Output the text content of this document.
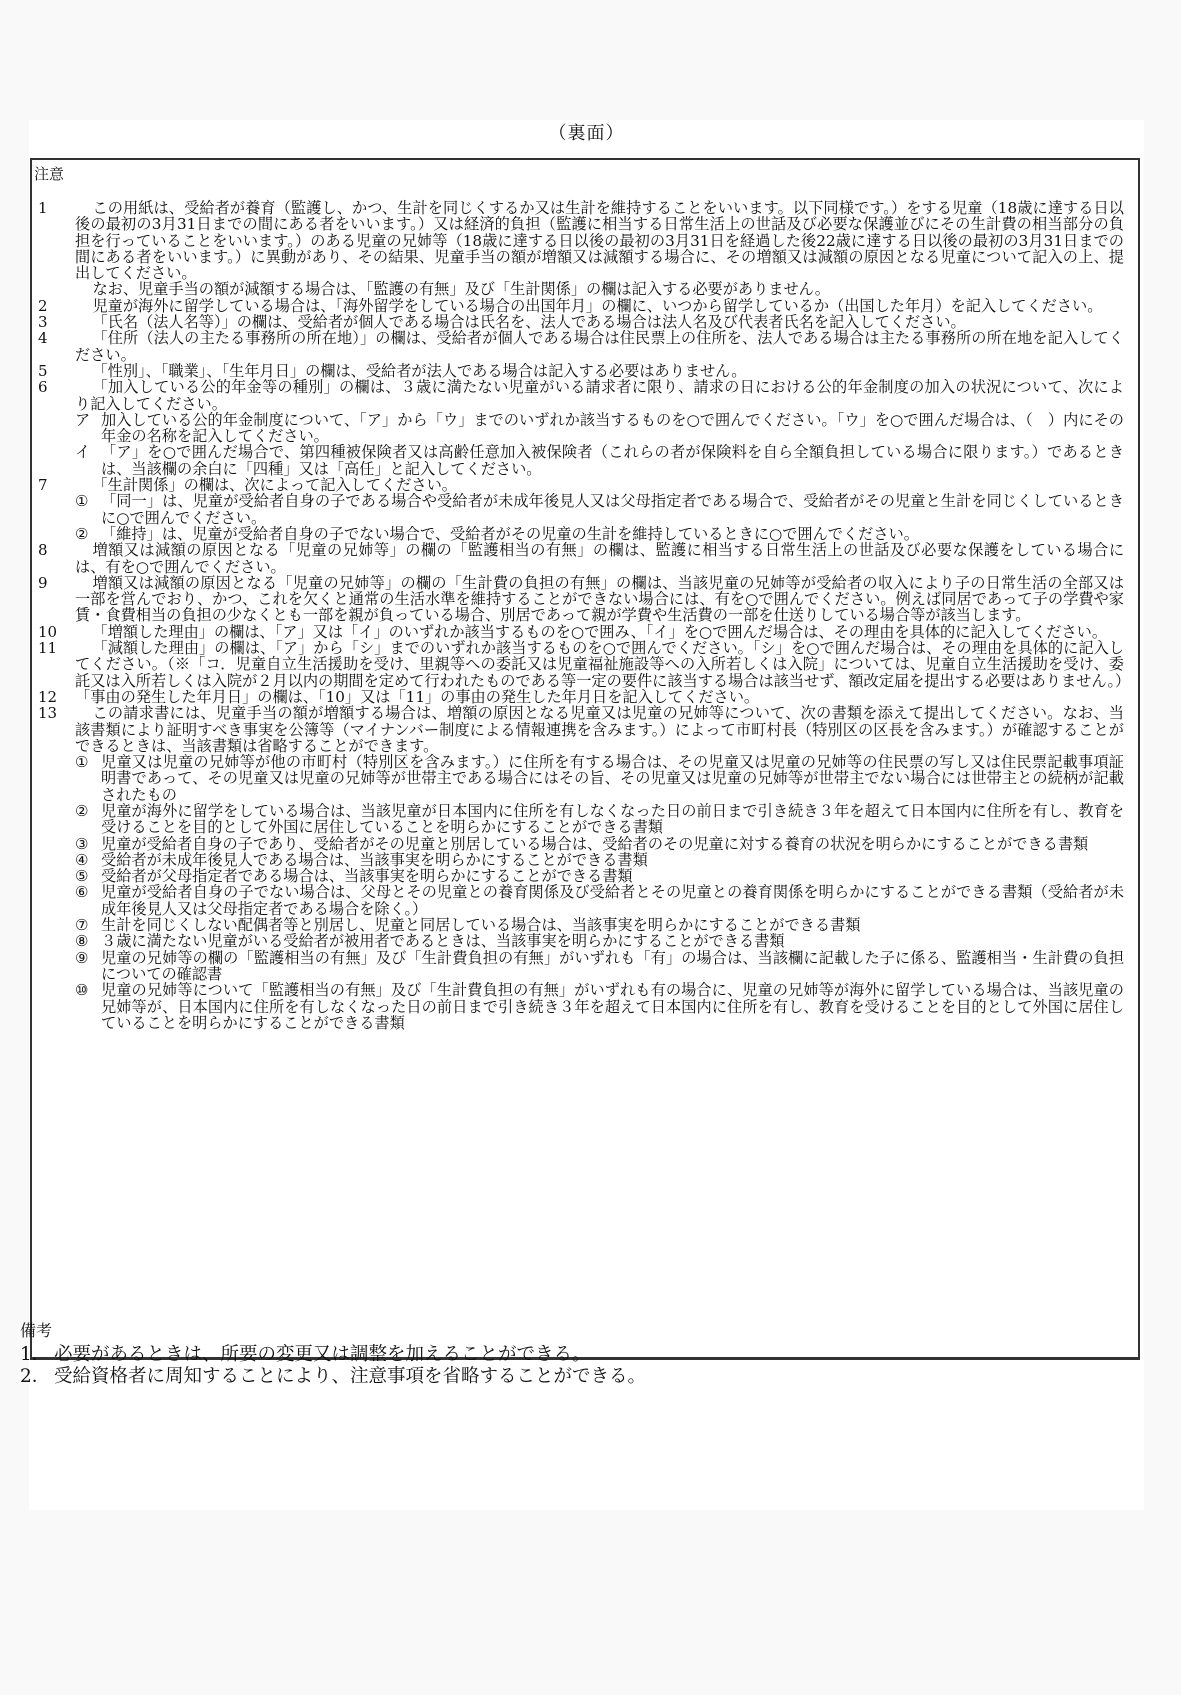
（裏面）
注意
1	この用紙は、受給者が養育（監護し、かつ、生計を同じくするか又は生計を維持することをいいます。以下同様です。）をする児童（18歳に達する日以後の最初の3月31日までの間にある者をいいます。）又は経済的負担（監護に相当する日常生活上の世話及び必要な保護並びにその生計費の相当部分の負担を行っていることをいいます。）のある児童の兄姉等（18歳に達する日以後の最初の3月31日を経過した後22歳に達する日以後の最初の3月31日までの間にある者をいいます。）に異動があり、その結果、児童手当の額が増額又は減額する場合に、その増額又は減額の原因となる児童について記入の上、提出してください。
なお、児童手当の額が減額する場合は、「監護の有無」及び「生計関係」の欄は記入する必要がありません。
2	児童が海外に留学している場合は、「海外留学をしている場合の出国年月」の欄に、いつから留学しているか（出国した年月）を記入してください。
3	「氏名（法人名等）」の欄は、受給者が個人である場合は氏名を、法人である場合は法人名及び代表者氏名を記入してください。
4	「住所（法人の主たる事務所の所在地）」の欄は、受給者が個人である場合は住民票上の住所を、法人である場合は主たる事務所の所在地を記入してください。
5	「性別」、「職業」、「生年月日」の欄は、受給者が法人である場合は記入する必要はありません。
6	「加入している公的年金等の種別」の欄は、３歳に満たない児童がいる請求者に限り、請求の日における公的年金制度の加入の状況について、次により記入してください。
ア 加入している公的年金制度について、「ア」から「ウ」までのいずれか該当するものを○で囲んでください。「ウ」を○で囲んだ場合は、（　）内にその年金の名称を記入してください。
イ 「ア」を○で囲んだ場合で、第四種被保険者又は高齢任意加入被保険者（これらの者が保険料を自ら全額負担している場合に限ります。）であるときは、当該欄の余白に「四種」又は「高任」と記入してください。
7	「生計関係」の欄は、次によって記入してください。
① 「同一」は、児童が受給者自身の子である場合や受給者が未成年後見人又は父母指定者である場合で、受給者がその児童と生計を同じくしているときに○で囲んでください。
② 「維持」は、児童が受給者自身の子でない場合で、受給者がその児童の生計を維持しているときに○で囲んでください。
8	増額又は減額の原因となる「児童の兄姉等」の欄の「監護相当の有無」の欄は、監護に相当する日常生活上の世話及び必要な保護をしている場合には、有を○で囲んでください。
9	増額又は減額の原因となる「児童の兄姉等」の欄の「生計費の負担の有無」の欄は、当該児童の兄姉等が受給者の収入により子の日常生活の全部又は一部を営んでおり、かつ、これを欠くと通常の生活水準を維持することができない場合には、有を○で囲んでください。例えば同居であって子の学費や家賃・食費相当の負担の少なくとも一部を親が負っている場合、別居であって親が学費や生活費の一部を仕送りしている場合等が該当します。
10	「増額した理由」の欄は、「ア」又は「イ」のいずれか該当するものを○で囲み、「イ」を○で囲んだ場合は、その理由を具体的に記入してください。
11	「減額した理由」の欄は、「ア」から「シ」までのいずれか該当するものを○で囲んでください。「シ」を○で囲んだ場合は、その理由を具体的に記入してください。（※「コ．児童自立生活援助を受け、里親等への委託又は児童福祉施設等への入所若しくは入院」については、児童自立生活援助を受け、委託又は入所若しくは入院が２月以内の期間を定めて行われたものである等一定の要件に該当する場合は該当せず、額改定届を提出する必要はありません。）
12 「事由の発生した年月日」の欄は、「10」又は「11」の事由の発生した年月日を記入してください。
13	この請求書には、児童手当の額が増額する場合は、増額の原因となる児童又は児童の兄姉等について、次の書類を添えて提出してください。なお、当該書類により証明すべき事実を公簿等（マイナンバー制度による情報連携を含みます。）によって市町村長（特別区の区長を含みます。）が確認することができるときは、当該書類は省略することができます。
① 児童又は児童の兄姉等が他の市町村（特別区を含みます。）に住所を有する場合は、その児童又は児童の兄姉等の住民票の写し又は住民票記載事項証明書であって、その児童又は児童の兄姉等が世帯主である場合にはその旨、その児童又は児童の兄姉等が世帯主でない場合には世帯主との続柄が記載されたもの
② 児童が海外に留学をしている場合は、当該児童が日本国内に住所を有しなくなった日の前日まで引き続き３年を超えて日本国内に住所を有し、教育を受けることを目的として外国に居住していることを明らかにすることができる書類
③ 児童が受給者自身の子であり、受給者がその児童と別居している場合は、受給者のその児童に対する養育の状況を明らかにすることができる書類
④ 受給者が未成年後見人である場合は、当該事実を明らかにすることができる書類
⑤ 受給者が父母指定者である場合は、当該事実を明らかにすることができる書類
⑥ 児童が受給者自身の子でない場合は、父母とその児童との養育関係及び受給者とその児童との養育関係を明らかにすることができる書類（受給者が未成年後見人又は父母指定者である場合を除く。）
⑦ 生計を同じくしない配偶者等と別居し、児童と同居している場合は、当該事実を明らかにすることができる書類
⑧ ３歳に満たない児童がいる受給者が被用者であるときは、当該事実を明らかにすることができる書類
⑨ 児童の兄姉等の欄の「監護相当の有無」及び「生計費負担の有無」がいずれも「有」の場合は、当該欄に記載した子に係る、監護相当・生計費の負担についての確認書
⑩ 児童の兄姉等について「監護相当の有無」及び「生計費負担の有無」がいずれも有の場合に、児童の兄姉等が海外に留学している場合は、当該児童の兄姉等が、日本国内に住所を有しなくなった日の前日まで引き続き３年を超えて日本国内に住所を有し、教育を受けることを目的として外国に居住していることを明らかにすることができる書類
備考
1． 必要があるときは、所要の変更又は調整を加えることができる。
2． 受給資格者に周知することにより、注意事項を省略することができる。
